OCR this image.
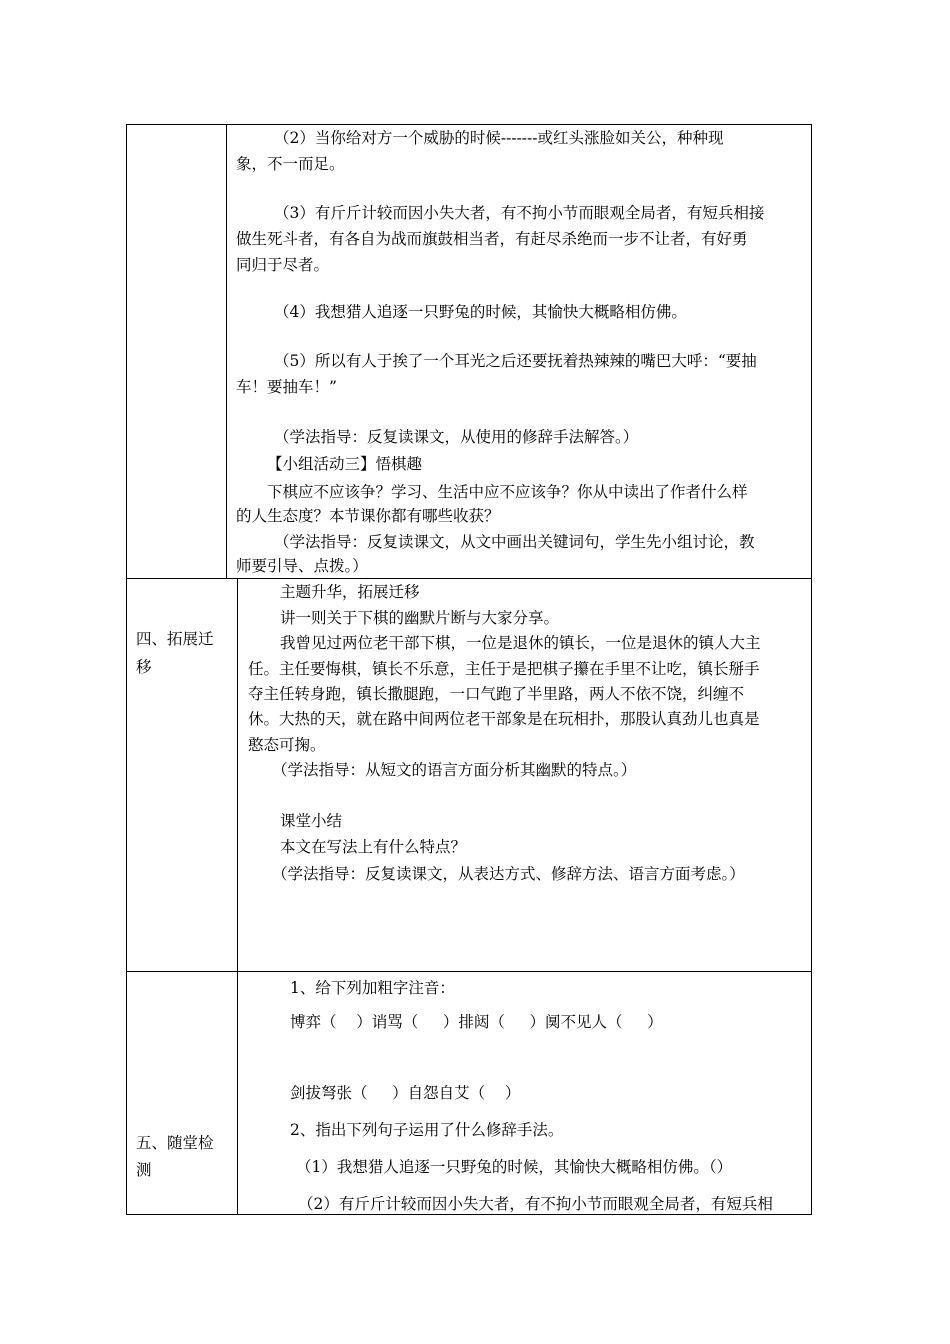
（2）当你给对方一个威胁的时候-------或红头涨脸如关公，种种现

象，不一而足。

（3）有斤斤计较而因小失大者，有不拘小节而眼观全局者，有短兵相接

做生死斗者，有各自为战而旗鼓相当者，有赶尽杀绝而一步不让者，有好勇

同归于尽者。

（4）我想猎人追逐一只野兔的时候，其愉快大概略相仿佛。

（5）所以有人于挨了一个耳光之后还要抚着热辣辣的嘴巴大呼：“要抽

车！要抽车！”

（学法指导：反复读课文，从使用的修辞手法解答。）

【小组活动三】悟棋趣

下棋应不应该争？学习、生活中应不应该争？你从中读出了作者什么样

的人生态度？本节课你都有哪些收获？

（学法指导：反复读课文，从文中画出关键词句，学生先小组讨论，教

师要引导、点拨。）

四、拓展迁

移

主题升华，拓展迁移

讲一则关于下棋的幽默片断与大家分享。

我曾见过两位老干部下棋，一位是退休的镇长，一位是退休的镇人大主

任。主任要悔棋，镇长不乐意，主任于是把棋子攥在手里不让吃，镇长掰手

夺主任转身跑，镇长撒腿跑，一口气跑了半里路，两人不依不饶，纠缠不

休。大热的天，就在路中间两位老干部象是在玩相扑，那股认真劲儿也真是

憨态可掬。

（学法指导：从短文的语言方面分析其幽默的特点。）

课堂小结

本文在写法上有什么特点？

（学法指导：反复读课文，从表达方式、修辞方法、语言方面考虑。）

五、随堂检

测

1、给下列加粗字注音：

博弈（    ）诮骂（     ）排闼（     ）阒不见人（     ）

剑拔弩张（     ）自怨自艾（    ）

2、指出下列句子运用了什么修辞手法。

（1）我想猎人追逐一只野兔的时候，其愉快大概略相仿佛。（）

（2）有斤斤计较而因小失大者，有不拘小节而眼观全局者，有短兵相
